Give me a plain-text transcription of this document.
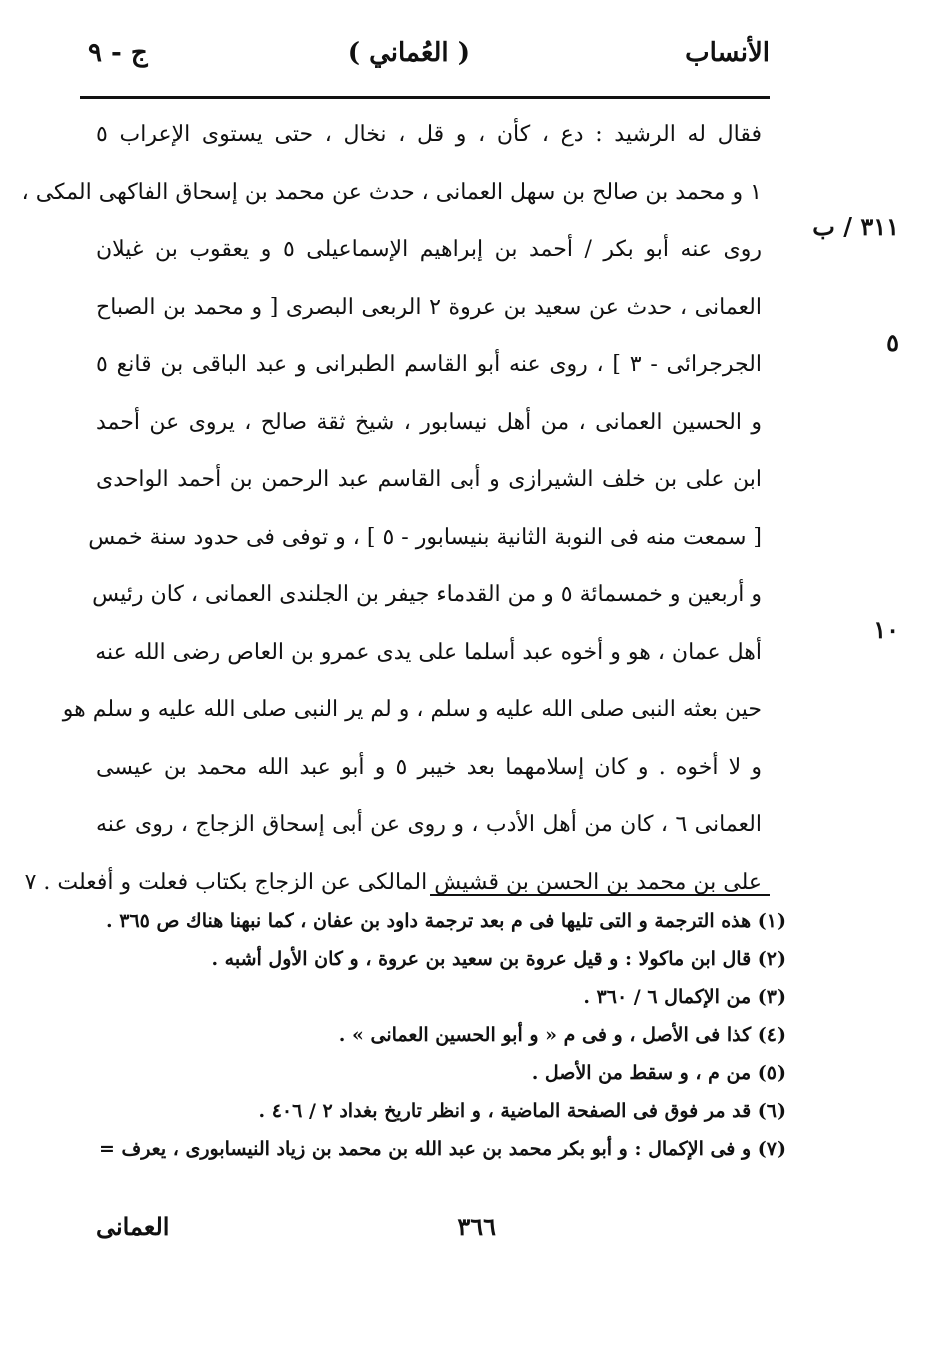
الأنساب
( العُماني )
ج - ٩
٣١١ / ب
٥
١٠
فقال له الرشيد : دع ، كأن ، و قل ، نخال ، حتى يستوى الإعراب ٥
١ و محمد بن صالح بن سهل العمانى ، حدث عن محمد بن إسحاق الفاكهى المكى ،
روى عنه أبو بكر / أحمد بن إبراهيم الإسماعيلى ٥ و يعقوب بن غيلان
العمانى ، حدث عن سعيد بن عروة ٢ الربعى البصرى [ و محمد بن الصباح
الجرجرائى - ٣ ] ، روى عنه أبو القاسم الطبرانى و عبد الباقى بن قانع ٥
و الحسين العمانى ، من أهل نيسابور ، شيخ ثقة صالح ، يروى عن أحمد
ابن على بن خلف الشيرازى و أبى القاسم عبد الرحمن بن أحمد الواحدى
[ سمعت منه فى النوبة الثانية بنيسابور - ٥ ] ، و توفى فى حدود سنة خمس
و أربعين و خمسمائة ٥ و من القدماء جيفر بن الجلندى العمانى ، كان رئيس
أهل عمان ، هو و أخوه عبد أسلما على يدى عمرو بن العاص رضى الله عنه
حين بعثه النبى صلى الله عليه و سلم ، و لم ير النبى صلى الله عليه و سلم هو
و لا أخوه . و كان إسلامهما بعد خيبر ٥ و أبو عبد الله محمد بن عيسى
العمانى ٦ ، كان من أهل الأدب ، و روى عن أبى إسحاق الزجاج ، روى عنه
على بن محمد بن الحسن بن قشيش المالكى عن الزجاج بكتاب فعلت و أفعلت . ٧
(١) هذه الترجمة و التى تليها فى م بعد ترجمة داود بن عفان ، كما نبهنا هناك ص ٣٦٥ .
(٢) قال ابن ماكولا : و قيل عروة بن سعيد بن عروة ، و كان الأول أشبه .
(٣) من الإكمال ٦ / ٣٦٠ .
(٤) كذا فى الأصل ، و فى م « و أبو الحسين العمانى » .
(٥) من م ، و سقط من الأصل .
(٦) قد مر فوق فى الصفحة الماضية ، و انظر تاريخ بغداد ٢ / ٤٠٦ .
(٧) و فى الإكمال : و أبو بكر محمد بن عبد الله بن محمد بن زياد النيسابورى ، يعرف =
٣٦٦
العمانى
